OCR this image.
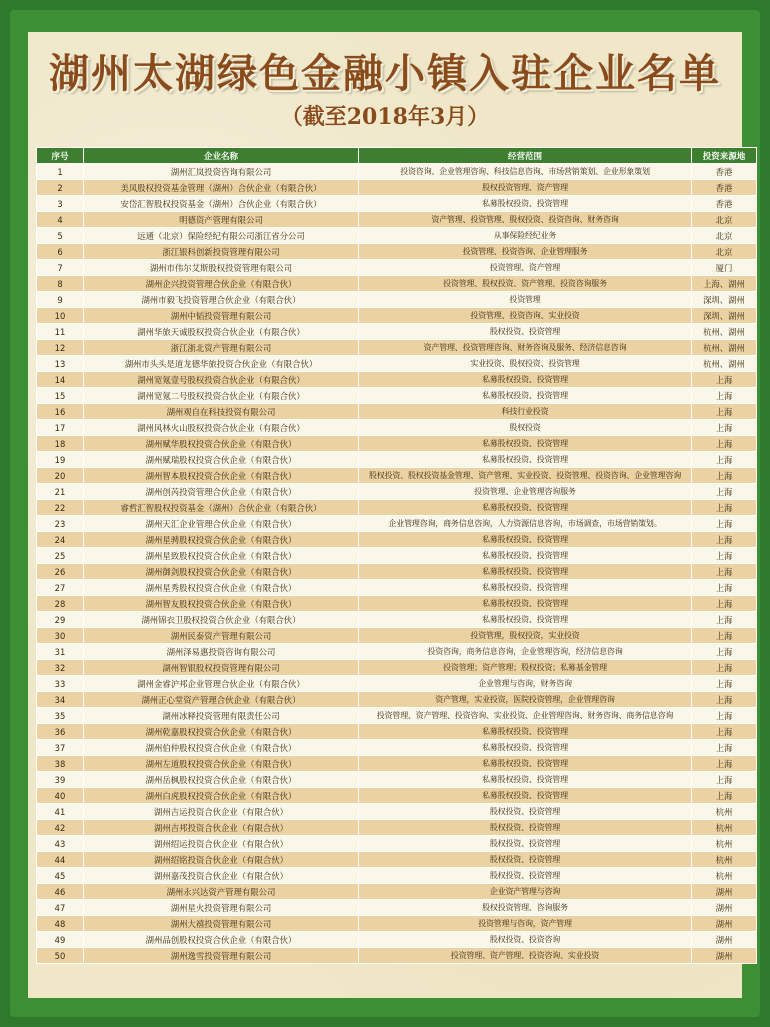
湖州太湖绿色金融小镇入驻企业名单
（截至2018年3月）
序号	企业名称	经营范围	投资来源地
1	湖州汇岚投资咨询有限公司	投资咨询、企业管理咨询、科技信息咨询、市场营销策划、企业形象策划	香港
2	美凤股权投资基金管理（湖州）合伙企业（有限合伙）	股权投资管理、资产管理	香港
3	安岱汇智股权投资基金（湖州）合伙企业（有限合伙）	私募股权投资、投资管理	香港
4	明德资产管理有限公司	资产管理、投资管理、股权投资、投资咨询、财务咨询	北京
5	远通（北京）保险经纪有限公司浙江省分公司	从事保险经纪业务	北京
6	浙江银科创新投资管理有限公司	投资管理、投资咨询、企业管理服务	北京
7	湖州市伟尔艾斯股权投资管理有限公司	投资管理、资产管理	厦门
8	湖州企兴投资管理合伙企业（有限合伙）	投资管理、股权投资、资产管理、投资咨询服务	上海、湖州
9	湖州市毅飞投资管理合伙企业（有限合伙）	投资管理	深圳、湖州
10	湖州中韬投资管理有限公司	投资管理、投资咨询、实业投资	深圳、湖州
11	湖州华旅天诚股权投资合伙企业（有限合伙）	股权投资、投资管理	杭州、湖州
12	浙江浙北资产管理有限公司	资产管理、投资管理咨询、财务咨询及服务、经济信息咨询	杭州、湖州
13	湖州市头头是道龙德华旅投资合伙企业（有限合伙）	实业投资、股权投资、投资管理	杭州、湖州
14	湖州宽氪壹号股权投资合伙企业（有限合伙）	私募股权投资、投资管理	上海
15	湖州宽氪二号股权投资合伙企业（有限合伙）	私募股权投资、投资管理	上海
16	湖州观自在科技投资有限公司	科技行业投资	上海
17	湖州风林火山股权投资合伙企业（有限合伙）	股权投资	上海
18	湖州赋华股权投资合伙企业（有限合伙）	私募股权投资、投资管理	上海
19	湖州赋瑞股权投资合伙企业（有限合伙）	私募股权投资、投资管理	上海
20	湖州智本股权投资合伙企业（有限合伙）	股权投资、股权投资基金管理、资产管理、实业投资、投资管理、投资咨询、企业管理咨询	上海
21	湖州创芮投资管理合伙企业（有限合伙）	投资管理、企业管理咨询服务	上海
22	睿哲汇智股权投资基金（湖州）合伙企业（有限合伙）	私募股权投资、投资管理	上海
23	湖州天汇企业管理合伙企业（有限合伙）	企业管理咨询，商务信息咨询，人力资源信息咨询，市场调查，市场营销策划。	上海
24	湖州星骋股权投资合伙企业（有限合伙）	私募股权投资、投资管理	上海
25	湖州星致股权投资合伙企业（有限合伙）	私募股权投资、投资管理	上海
26	湖州御剑股权投资合伙企业（有限合伙）	私募股权投资、投资管理	上海
27	湖州星秀股权投资合伙企业（有限合伙）	私募股权投资、投资管理	上海
28	湖州智友股权投资合伙企业（有限合伙）	私募股权投资、投资管理	上海
29	湖州锦衣卫股权投资合伙企业（有限合伙）	私募股权投资、投资管理	上海
30	湖州民泰资产管理有限公司	投资管理，股权投资，实业投资	上海
31	湖州泽易惠投资咨询有限公司	投资咨询，商务信息咨询，企业管理咨询，经济信息咨询	上海
32	湖州智银股权投资管理有限公司	投资管理；资产管理；股权投资；私募基金管理	上海
33	湖州金睿沪邦企业管理合伙企业（有限合伙）	企业管理与咨询，财务咨询	上海
34	湖州正心堂资产管理合伙企业（有限合伙）	资产管理，实业投资，医院投资管理，企业管理咨询	上海
35	湖州冰释投资管理有限责任公司	投资管理、资产管理、投资咨询、实业投资、企业管理咨询、财务咨询、商务信息咨询	上海
36	湖州乾嘉股权投资合伙企业（有限合伙）	私募股权投资、投资管理	上海
37	湖州伯仲股权投资合伙企业（有限合伙）	私募股权投资、投资管理	上海
38	湖州左道股权投资合伙企业（有限合伙）	私募股权投资、投资管理	上海
39	湖州岳枫股权投资合伙企业（有限合伙）	私募股权投资、投资管理	上海
40	湖州白虎股权投资合伙企业（有限合伙）	私募股权投资、投资管理	上海
41	湖州吉运投资合伙企业（有限合伙）	股权投资、投资管理	杭州
42	湖州吉邦投资合伙企业（有限合伙）	股权投资、投资管理	杭州
43	湖州绍运投资合伙企业（有限合伙）	股权投资、投资管理	杭州
44	湖州绍铭投资合伙企业（有限合伙）	股权投资、投资管理	杭州
45	湖州嘉茂投资合伙企业（有限合伙）	股权投资、投资管理	杭州
46	湖州永兴达资产管理有限公司	企业资产管理与咨询	湖州
47	湖州星火投资管理有限公司	股权投资管理、咨询服务	湖州
48	湖州大禧投资管理有限公司	投资管理与咨询，资产管理	湖州
49	湖州品创股权投资合伙企业（有限合伙）	股权投资、投资咨询	湖州
50	湖州逸雪投资管理有限公司	投资管理、资产管理、投资咨询、实业投资	湖州
